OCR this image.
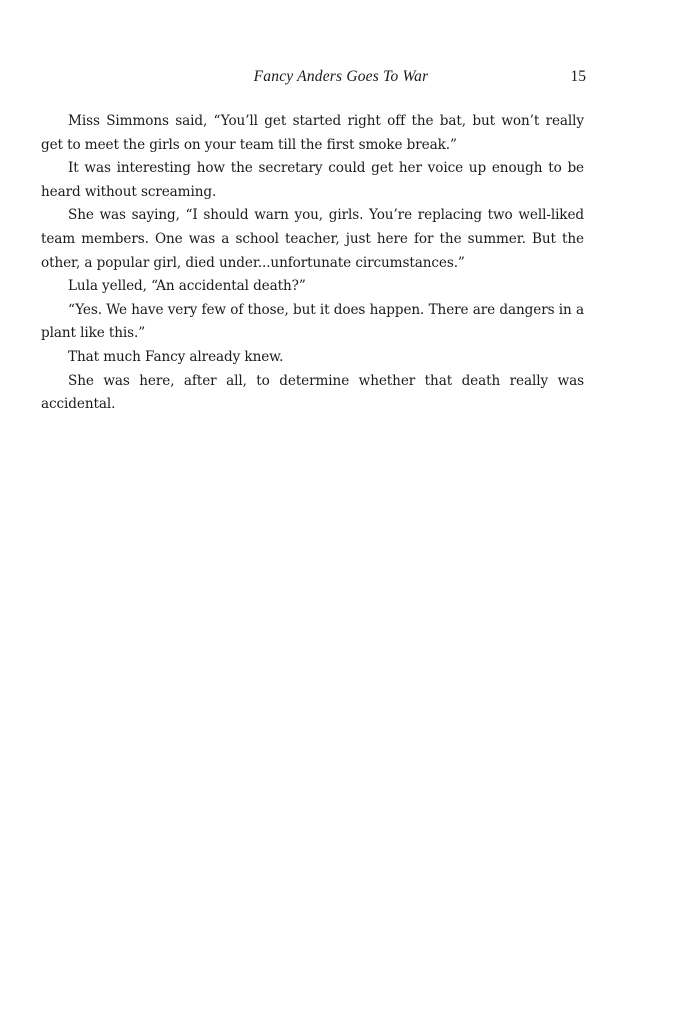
Fancy Anders Goes To War	15

Miss Simmons said, “You’ll get started right off the bat, but won’t really get to meet the girls on your team till the first smoke break.”

It was interesting how the secretary could get her voice up enough to be heard without screaming.

She was saying, “I should warn you, girls. You’re replacing two well-liked team members. One was a school teacher, just here for the summer. But the other, a popular girl, died under...unfortunate circumstances.”

Lula yelled, “An accidental death?”

“Yes. We have very few of those, but it does happen. There are dangers in a plant like this.”

That much Fancy already knew.

She was here, after all, to determine whether that death really was accidental.
